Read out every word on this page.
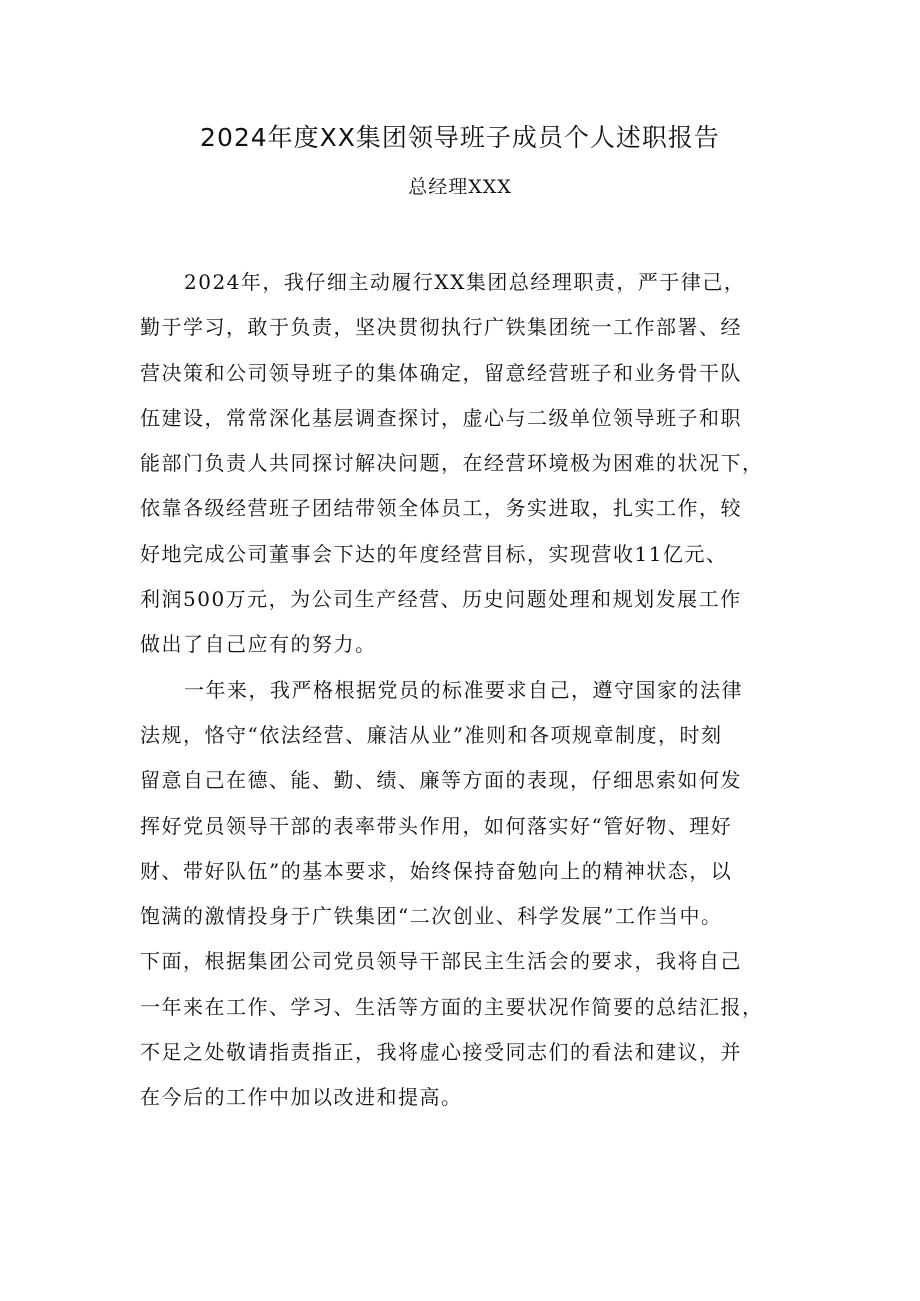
2024年度XX集团领导班子成员个人述职报告
总经理XXX

2024年，我仔细主动履行XX集团总经理职责，严于律己，
勤于学习，敢于负责，坚决贯彻执行广铁集团统一工作部署、经
营决策和公司领导班子的集体确定，留意经营班子和业务骨干队
伍建设，常常深化基层调查探讨，虚心与二级单位领导班子和职
能部门负责人共同探讨解决问题，在经营环境极为困难的状况下，
依靠各级经营班子团结带领全体员工，务实进取，扎实工作，较
好地完成公司董事会下达的年度经营目标，实现营收11亿元、
利润500万元，为公司生产经营、历史问题处理和规划发展工作
做出了自己应有的努力。

一年来，我严格根据党员的标准要求自己，遵守国家的法律
法规，恪守“依法经营、廉洁从业”准则和各项规章制度，时刻
留意自己在德、能、勤、绩、廉等方面的表现，仔细思索如何发
挥好党员领导干部的表率带头作用，如何落实好“管好物、理好
财、带好队伍”的基本要求，始终保持奋勉向上的精神状态，以
饱满的激情投身于广铁集团“二次创业、科学发展”工作当中。
下面，根据集团公司党员领导干部民主生活会的要求，我将自己
一年来在工作、学习、生活等方面的主要状况作简要的总结汇报，
不足之处敬请指责指正，我将虚心接受同志们的看法和建议，并
在今后的工作中加以改进和提高。
